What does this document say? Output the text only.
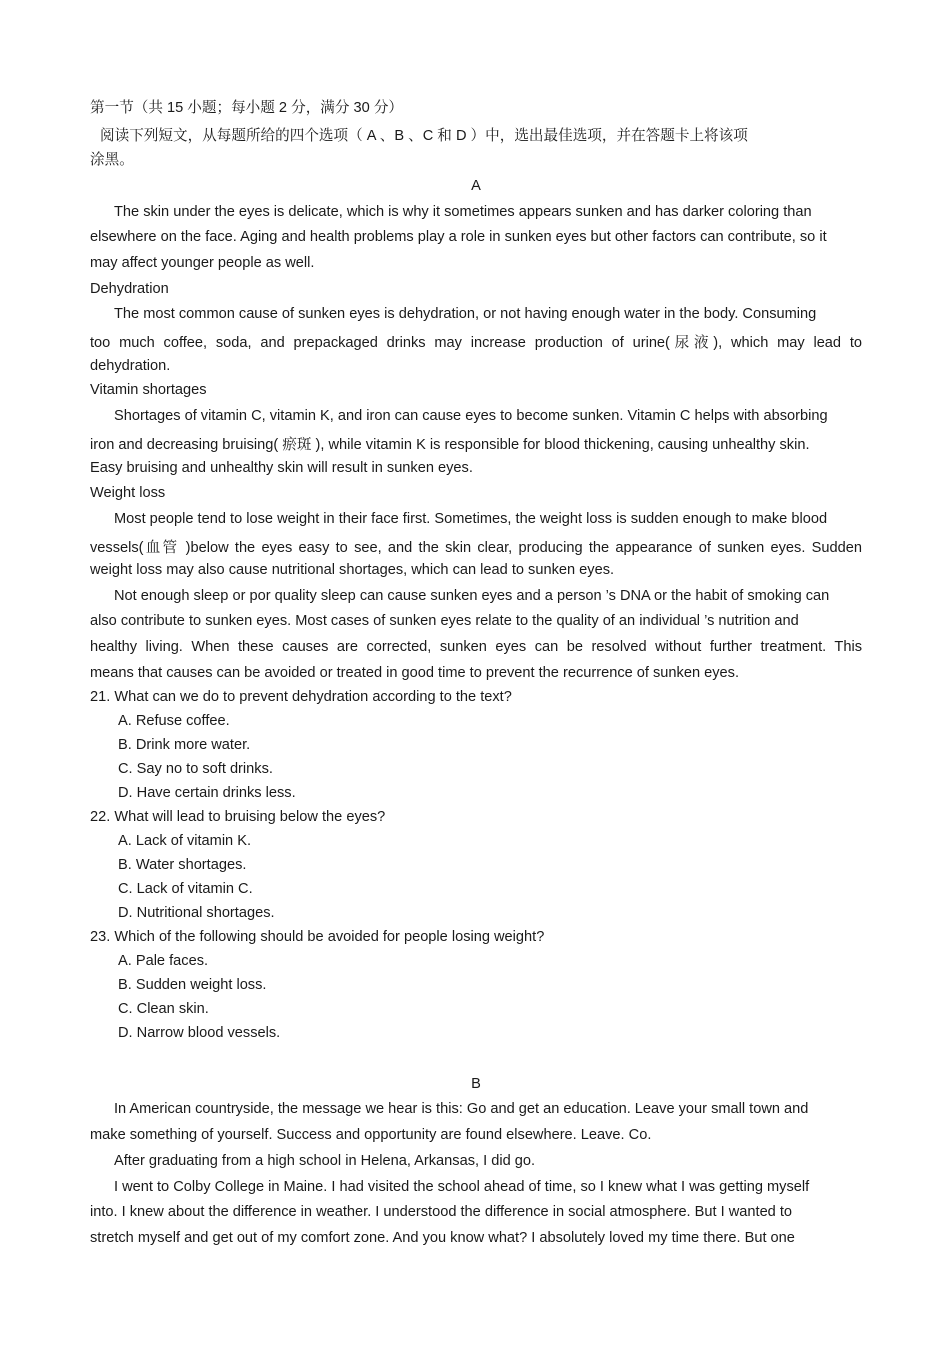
第一节（共 15 小题；每小题 2 分，满分 30 分）
阅读下列短文，从每题所给的四个选项（ A 、B 、C 和 D ）中，选出最佳选项，并在答题卡上将该项
涂黑。
A
The skin under the eyes is delicate, which is why it sometimes appears sunken and has darker coloring than
elsewhere on the face. Aging and health problems play a role in sunken eyes but other factors can contribute, so it
may affect younger people as well.
Dehydration
The most common cause of sunken eyes is dehydration, or not having enough water in the body. Consuming
too much coffee, soda, and prepackaged drinks may increase production of urine(尿液), which may lead to
dehydration.
Vitamin shortages
Shortages of vitamin C, vitamin K, and iron can cause eyes to become sunken. Vitamin C helps with absorbing
iron and decreasing bruising( 瘀斑 ), while vitamin K is responsible for blood thickening, causing unhealthy skin.
Easy bruising and unhealthy skin will result in sunken eyes.
Weight loss
Most people tend to lose weight in their face first. Sometimes, the weight loss is sudden enough to make blood
vessels(血管 )below the eyes easy to see, and the skin clear, producing the appearance of sunken eyes. Sudden
weight loss may also cause nutritional shortages, which can lead to sunken eyes.
Not enough sleep or por quality sleep can cause sunken eyes and a person ’s DNA or the habit of smoking can
also contribute to sunken eyes. Most cases of sunken eyes relate to the quality of an individual ’s nutrition and
healthy living. When these causes are corrected, sunken eyes can be resolved without further treatment. This
means that causes can be avoided or treated in good time to prevent the recurrence of sunken eyes.
21. What can we do to prevent dehydration according to the text?
A. Refuse coffee.
B. Drink more water.
C. Say no to soft drinks.
D. Have certain drinks less.
22. What will lead to bruising below the eyes?
A. Lack of vitamin K.
B. Water shortages.
C. Lack of vitamin C.
D. Nutritional shortages.
23. Which of the following should be avoided for people losing weight?
A. Pale faces.
B. Sudden weight loss.
C. Clean skin.
D. Narrow blood vessels.
B
In American countryside, the message we hear is this: Go and get an education. Leave your small town and
make something of yourself. Success and opportunity are found elsewhere. Leave. Co.
After graduating from a high school in Helena, Arkansas, I did go.
I went to Colby College in Maine. I had visited the school ahead of time, so I knew what I was getting myself
into. I knew about the difference in weather. I understood the difference in social atmosphere. But I wanted to
stretch myself and get out of my comfort zone. And you know what? I absolutely loved my time there. But one
